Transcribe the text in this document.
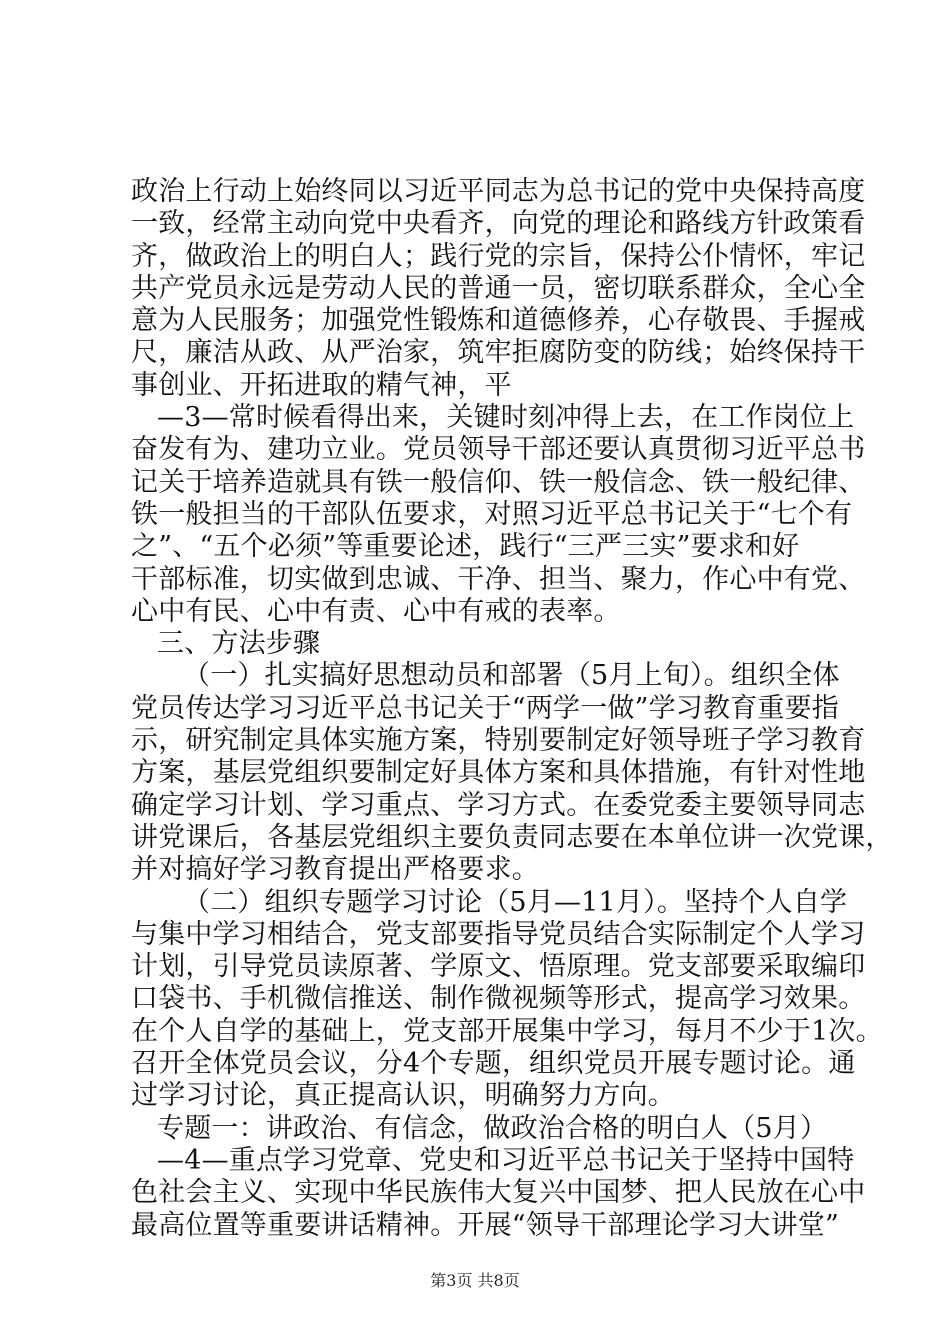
政治上行动上始终同以习近平同志为总书记的党中央保持高度
一致，经常主动向党中央看齐，向党的理论和路线方针政策看
齐，做政治上的明白人；践行党的宗旨，保持公仆情怀，牢记
共产党员永远是劳动人民的普通一员，密切联系群众，全心全
意为人民服务；加强党性锻炼和道德修养，心存敬畏、手握戒
尺，廉洁从政、从严治家，筑牢拒腐防变的防线；始终保持干
事创业、开拓进取的精气神，平
—3—常时候看得出来，关键时刻冲得上去，在工作岗位上
奋发有为、建功立业。党员领导干部还要认真贯彻习近平总书
记关于培养造就具有铁一般信仰、铁一般信念、铁一般纪律、
铁一般担当的干部队伍要求，对照习近平总书记关于“七个有
之”、“五个必须”等重要论述，践行“三严三实”要求和好
干部标准，切实做到忠诚、干净、担当、聚力，作心中有党、
心中有民、心中有责、心中有戒的表率。
三、方法步骤
（一）扎实搞好思想动员和部署（5月上旬）。组织全体
党员传达学习习近平总书记关于“两学一做”学习教育重要指
示，研究制定具体实施方案，特别要制定好领导班子学习教育
方案，基层党组织要制定好具体方案和具体措施，有针对性地
确定学习计划、学习重点、学习方式。在委党委主要领导同志
讲党课后，各基层党组织主要负责同志要在本单位讲一次党课，
并对搞好学习教育提出严格要求。
（二）组织专题学习讨论（5月—11月）。坚持个人自学
与集中学习相结合，党支部要指导党员结合实际制定个人学习
计划，引导党员读原著、学原文、悟原理。党支部要采取编印
口袋书、手机微信推送、制作微视频等形式，提高学习效果。
在个人自学的基础上，党支部开展集中学习，每月不少于1次。
召开全体党员会议，分4个专题，组织党员开展专题讨论。通
过学习讨论，真正提高认识，明确努力方向。
专题一：讲政治、有信念，做政治合格的明白人（5月）
—4—重点学习党章、党史和习近平总书记关于坚持中国特
色社会主义、实现中华民族伟大复兴中国梦、把人民放在心中
最高位置等重要讲话精神。开展“领导干部理论学习大讲堂”
第3页 共8页
